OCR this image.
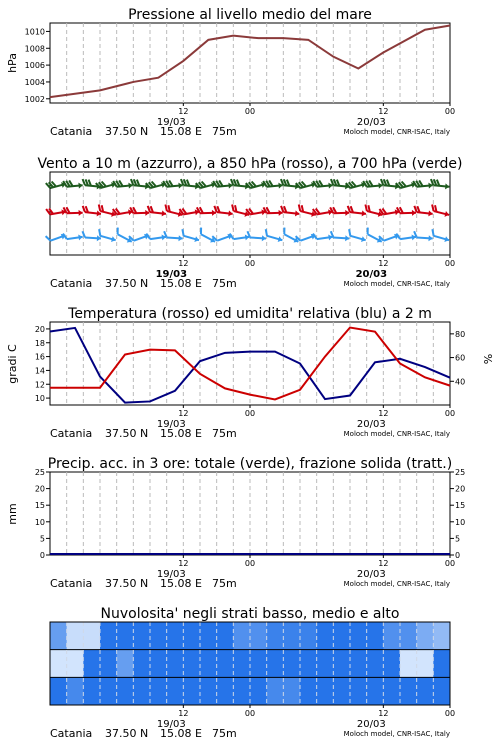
Pressione al livello medio del mare
hPa
1002
1004
1006
1008
1010
12	00	12	00
19/03	20/03
Catania 37.50 N 15.08 E 75m	Moloch model, CNR-ISAC, Italy
Vento a 10 m (azzurro), a 850 hPa (rosso), a 700 hPa (verde)
12	00	12	00
19/03	20/03
Catania 37.50 N 15.08 E 75m	Moloch model, CNR-ISAC, Italy
Temperatura (rosso) ed umidita' relativa (blu) a 2 m
gradi C	%
10
12
14
16
18
20
40
60
80
12	00	12	00
19/03	20/03
Catania 37.50 N 15.08 E 75m	Moloch model, CNR-ISAC, Italy
Precip. acc. in 3 ore: totale (verde), frazione solida (tratt.)
mm
0
5
10
15
20
25
0
5
10
15
20
25
12	00	12	00
19/03	20/03
Catania 37.50 N 15.08 E 75m	Moloch model, CNR-ISAC, Italy
Nuvolosita' negli strati basso, medio e alto
12	00	12	00
19/03	20/03
Catania 37.50 N 15.08 E 75m	Moloch model, CNR-ISAC, Italy
